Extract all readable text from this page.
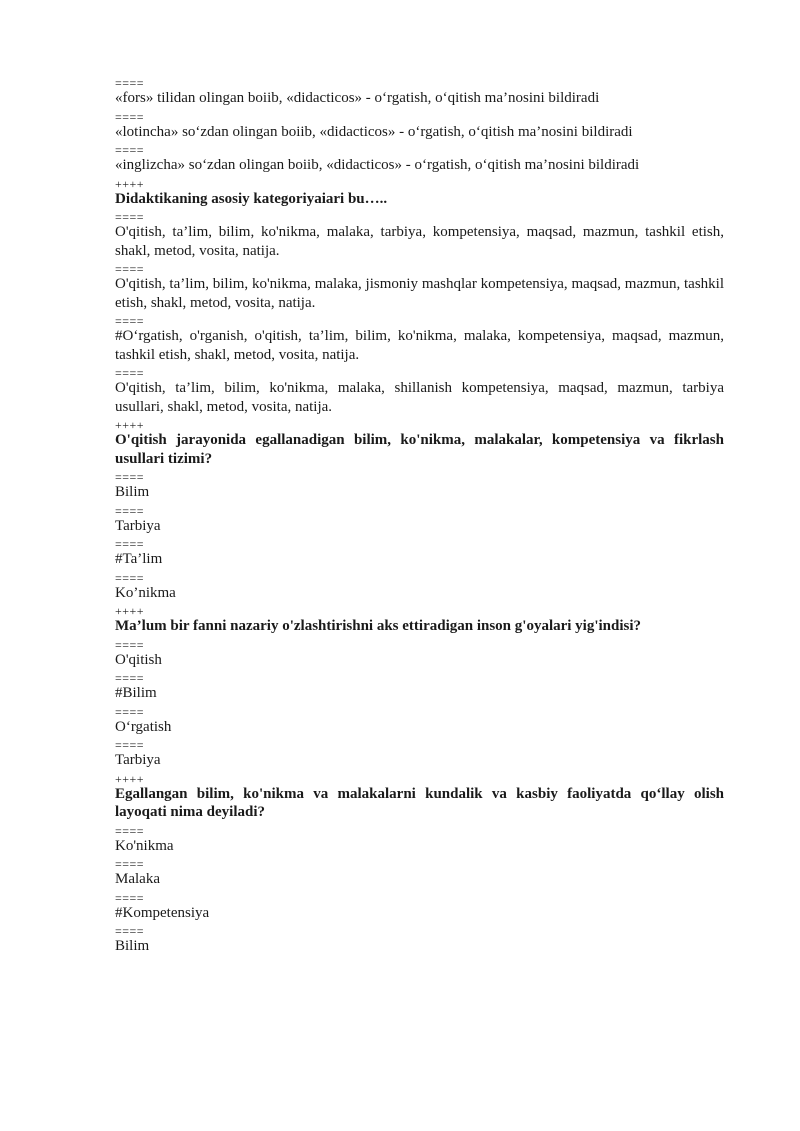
====
«fors» tilidan olingan boiib, «didacticos» - o‘rgatish, o‘qitish ma’nosini bildiradi
====
«lotincha» so‘zdan olingan boiib, «didacticos» - o‘rgatish, o‘qitish ma’nosini bildiradi
====
«inglizcha» so‘zdan olingan boiib, «didacticos» - o‘rgatish, o‘qitish ma’nosini bildiradi
++++
Didaktikaning asosiy kategoriyaiari bu…..
====
O'qitish, ta’lim, bilim, ko'nikma, malaka, tarbiya, kompetensiya, maqsad, mazmun, tashkil etish, shakl, metod, vosita, natija.
====
O'qitish, ta’lim, bilim, ko'nikma, malaka, jismoniy mashqlar kompetensiya, maqsad, mazmun, tashkil etish, shakl, metod, vosita, natija.
====
#O‘rgatish, o'rganish, o'qitish, ta’lim, bilim, ko'nikma, malaka, kompetensiya, maqsad, mazmun, tashkil etish, shakl, metod, vosita, natija.
====
O'qitish, ta’lim, bilim, ko'nikma, malaka, shillanish kompetensiya, maqsad, mazmun, tarbiya usullari, shakl, metod, vosita, natija.
++++
O'qitish jarayonida egallanadigan bilim, ko'nikma, malakalar, kompetensiya va fikrlash usullari tizimi?
====
Bilim
====
Tarbiya
====
#Ta’lim
====
Ko’nikma
++++
Ma’lum bir fanni nazariy o'zlashtirishni aks ettiradigan inson g'oyalari yig'indisi?
====
O'qitish
====
#Bilim
====
O‘rgatish
====
Tarbiya
++++
Egallangan bilim, ko'nikma va malakalarni kundalik va kasbiy faoliyatda qo‘llay olish layoqati nima deyiladi?
====
Ko'nikma
====
Malaka
====
#Kompetensiya
====
Bilim
